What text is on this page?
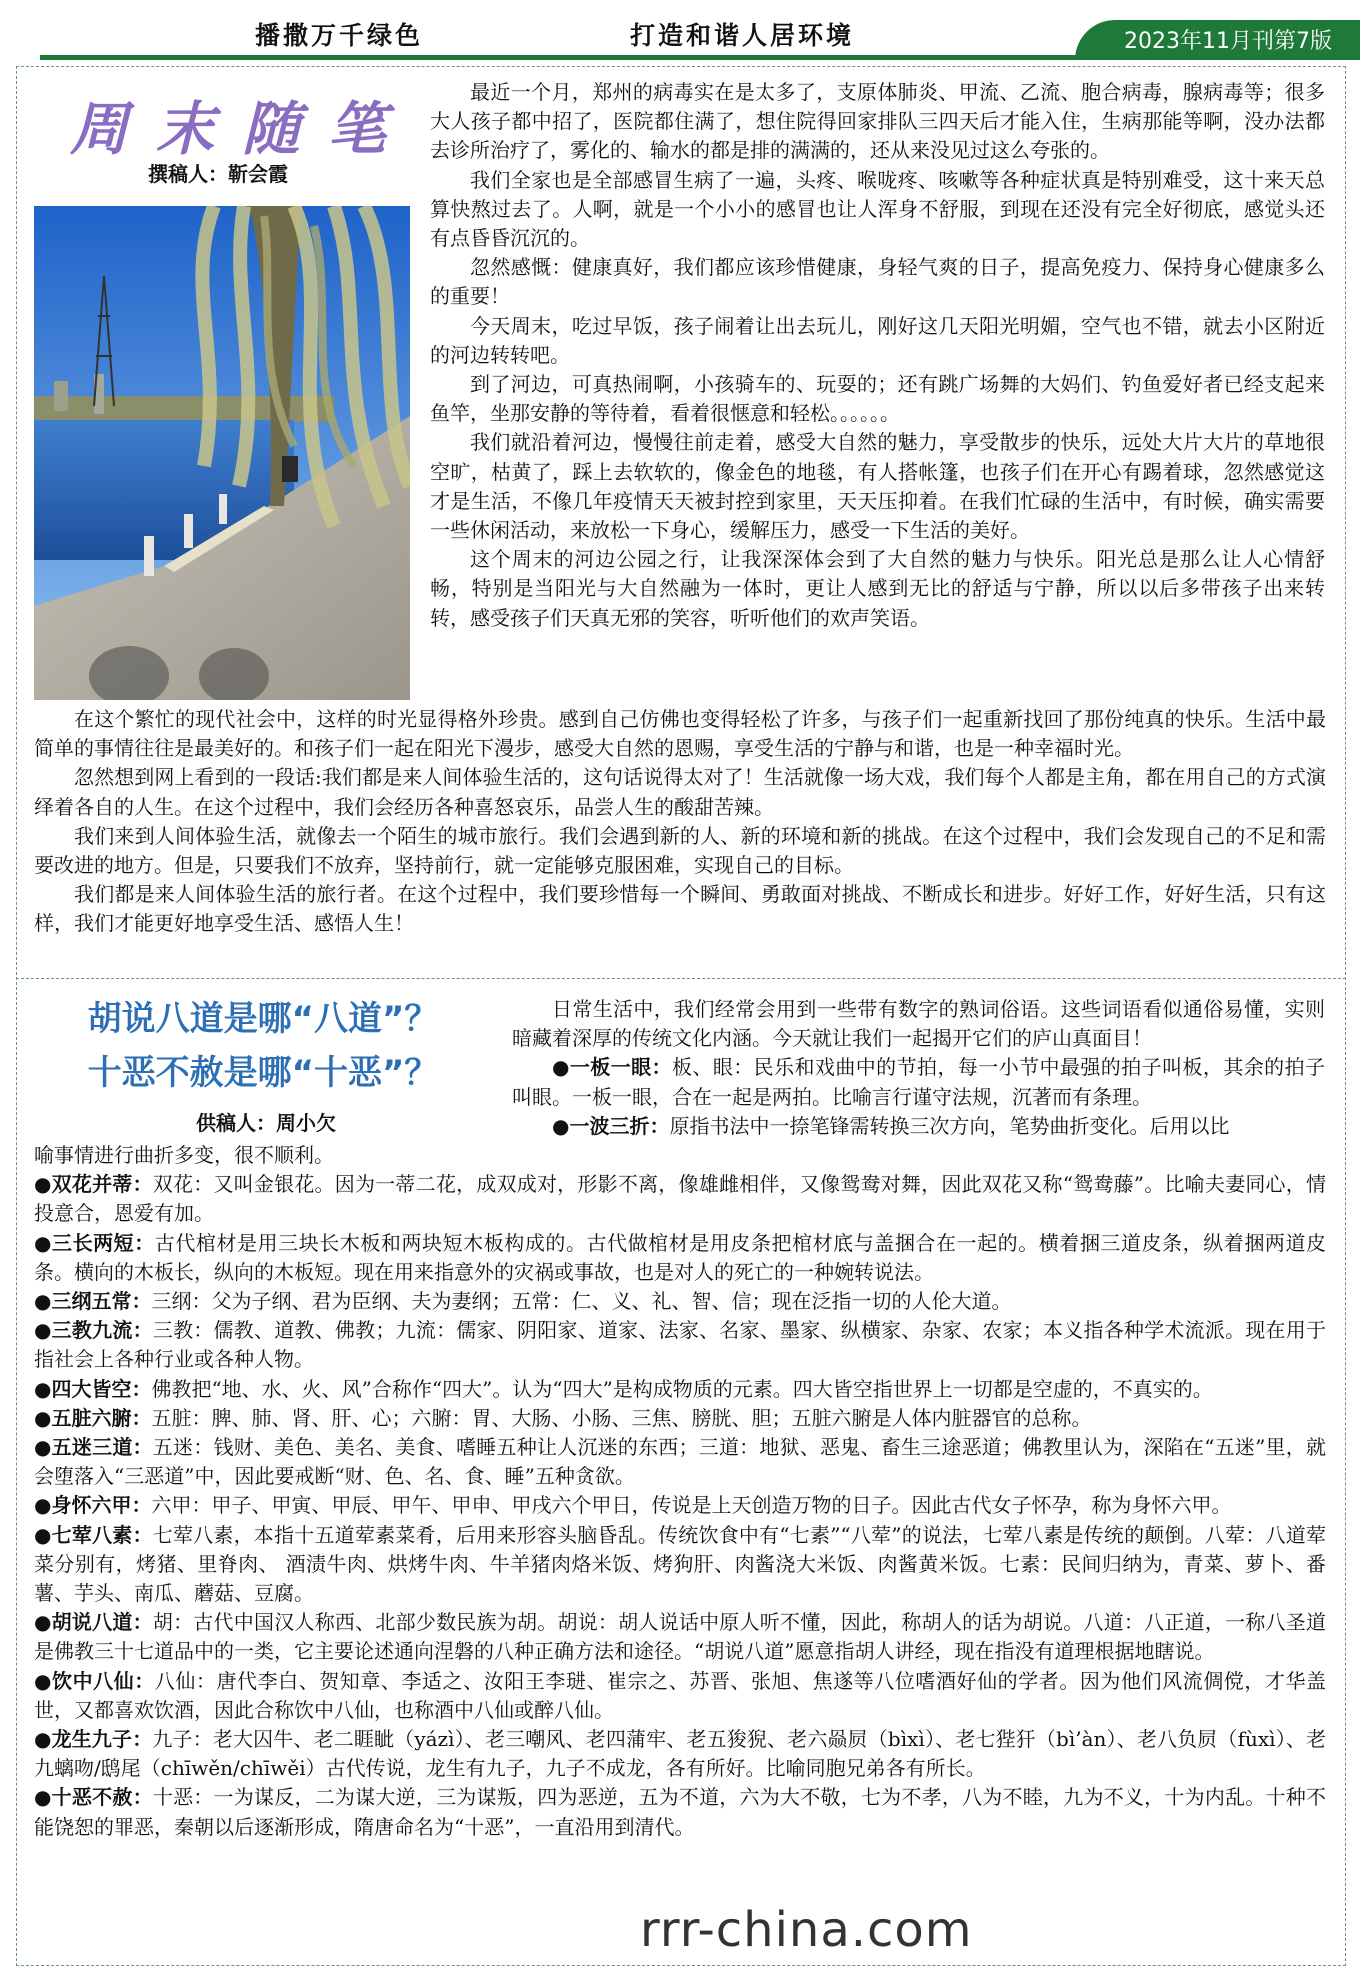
播撒万千绿色	打造和谐人居环境	2023年11月刊第7版
周末随笔
撰稿人：靳会霞

最近一个月，郑州的病毒实在是太多了，支原体肺炎、甲流、乙流、胞合病毒，腺病毒等；很多大人孩子都中招了，医院都住满了，想住院得回家排队三四天后才能入住，生病那能等啊，没办法都去诊所治疗了，雾化的、输水的都是排的满满的，还从来没见过这么夸张的。

我们全家也是全部感冒生病了一遍，头疼、喉咙疼、咳嗽等各种症状真是特别难受，这十来天总算快熬过去了。人啊，就是一个小小的感冒也让人浑身不舒服，到现在还没有完全好彻底，感觉头还有点昏昏沉沉的。

忽然感慨：健康真好，我们都应该珍惜健康，身轻气爽的日子，提高免疫力、保持身心健康多么的重要！

今天周末，吃过早饭，孩子闹着让出去玩儿，刚好这几天阳光明媚，空气也不错，就去小区附近的河边转转吧。

到了河边，可真热闹啊，小孩骑车的、玩耍的；还有跳广场舞的大妈们、钓鱼爱好者已经支起来鱼竿，坐那安静的等待着，看着很惬意和轻松。。。。。。

我们就沿着河边，慢慢往前走着，感受大自然的魅力，享受散步的快乐，远处大片大片的草地很空旷，枯黄了，踩上去软软的，像金色的地毯，有人搭帐篷，也孩子们在开心有踢着球，忽然感觉这才是生活，不像几年疫情天天被封控到家里，天天压抑着。在我们忙碌的生活中，有时候，确实需要一些休闲活动，来放松一下身心，缓解压力，感受一下生活的美好。

这个周末的河边公园之行，让我深深体会到了大自然的魅力与快乐。阳光总是那么让人心情舒畅，特别是当阳光与大自然融为一体时，更让人感到无比的舒适与宁静，所以以后多带孩子出来转转，感受孩子们天真无邪的笑容，听听他们的欢声笑语。

在这个繁忙的现代社会中，这样的时光显得格外珍贵。感到自己仿佛也变得轻松了许多，与孩子们一起重新找回了那份纯真的快乐。生活中最简单的事情往往是最美好的。和孩子们一起在阳光下漫步，感受大自然的恩赐，享受生活的宁静与和谐，也是一种幸福时光。

忽然想到网上看到的一段话:我们都是来人间体验生活的，这句话说得太对了！生活就像一场大戏，我们每个人都是主角，都在用自己的方式演绎着各自的人生。在这个过程中，我们会经历各种喜怒哀乐，品尝人生的酸甜苦辣。

我们来到人间体验生活，就像去一个陌生的城市旅行。我们会遇到新的人、新的环境和新的挑战。在这个过程中，我们会发现自己的不足和需要改进的地方。但是，只要我们不放弃，坚持前行，就一定能够克服困难，实现自己的目标。

我们都是来人间体验生活的旅行者。在这个过程中，我们要珍惜每一个瞬间、勇敢面对挑战、不断成长和进步。好好工作，好好生活，只有这样，我们才能更好地享受生活、感悟人生！

胡说八道是哪“八道”？
十恶不赦是哪“十恶”？
供稿人：周小欠

日常生活中，我们经常会用到一些带有数字的熟词俗语。这些词语看似通俗易懂，实则暗藏着深厚的传统文化内涵。今天就让我们一起揭开它们的庐山真面目！

●一板一眼：板、眼：民乐和戏曲中的节拍，每一小节中最强的拍子叫板，其余的拍子叫眼。一板一眼，合在一起是两拍。比喻言行谨守法规，沉著而有条理。

●一波三折：原指书法中一捺笔锋需转换三次方向，笔势曲折变化。后用以比

喻事情进行曲折多变，很不顺利。

●双花并蒂：双花：又叫金银花。因为一蒂二花，成双成对，形影不离，像雄雌相伴，又像鸳鸯对舞，因此双花又称“鸳鸯藤”。比喻夫妻同心，情投意合，恩爱有加。

●三长两短：古代棺材是用三块长木板和两块短木板构成的。古代做棺材是用皮条把棺材底与盖捆合在一起的。横着捆三道皮条，纵着捆两道皮条。横向的木板长，纵向的木板短。现在用来指意外的灾祸或事故，也是对人的死亡的一种婉转说法。

●三纲五常：三纲：父为子纲、君为臣纲、夫为妻纲；五常：仁、义、礼、智、信；现在泛指一切的人伦大道。

●三教九流：三教：儒教、道教、佛教；九流：儒家、阴阳家、道家、法家、名家、墨家、纵横家、杂家、农家；本义指各种学术流派。现在用于指社会上各种行业或各种人物。

●四大皆空：佛教把“地、水、火、风”合称作“四大”。认为“四大”是构成物质的元素。四大皆空指世界上一切都是空虚的，不真实的。

●五脏六腑：五脏：脾、肺、肾、肝、心；六腑：胃、大肠、小肠、三焦、膀胱、胆；五脏六腑是人体内脏器官的总称。

●五迷三道：五迷：钱财、美色、美名、美食、嗜睡五种让人沉迷的东西；三道：地狱、恶鬼、畜生三途恶道；佛教里认为，深陷在“五迷”里，就会堕落入“三恶道”中，因此要戒断“财、色、名、食、睡”五种贪欲。

●身怀六甲：六甲：甲子、甲寅、甲辰、甲午、甲申、甲戌六个甲日，传说是上天创造万物的日子。因此古代女子怀孕，称为身怀六甲。

●七荤八素：七荤八素，本指十五道荤素菜肴，后用来形容头脑昏乱。传统饮食中有“七素”“八荤”的说法，七荤八素是传统的颠倒。八荤：八道荤菜分别有，烤猪、里脊肉、 酒渍牛肉、烘烤牛肉、牛羊猪肉烙米饭、烤狗肝、肉酱浇大米饭、肉酱黄米饭。七素：民间归纳为，青菜、萝卜、番薯、芋头、南瓜、蘑菇、豆腐。

●胡说八道：胡：古代中国汉人称西、北部少数民族为胡。胡说：胡人说话中原人听不懂，因此，称胡人的话为胡说。八道：八正道，一称八圣道是佛教三十七道品中的一类，它主要论述通向涅磐的八种正确方法和途径。“胡说八道”愿意指胡人讲经，现在指没有道理根据地瞎说。

●饮中八仙：八仙：唐代李白、贺知章、李适之、汝阳王李琎、崔宗之、苏晋、张旭、焦遂等八位嗜酒好仙的学者。因为他们风流倜傥，才华盖世，又都喜欢饮酒，因此合称饮中八仙，也称酒中八仙或醉八仙。

●龙生九子：九子：老大囚牛、老二睚眦（yázì）、老三嘲风、老四蒲牢、老五狻猊、老六赑屃（bìxì）、老七狴犴（bì’àn）、老八负屃（fùxì）、老九螭吻/鸱尾（chīwěn/chīwěi）古代传说，龙生有九子，九子不成龙，各有所好。比喻同胞兄弟各有所长。

●十恶不赦：十恶：一为谋反，二为谋大逆，三为谋叛，四为恶逆，五为不道，六为大不敬，七为不孝，八为不睦，九为不义，十为内乱。十种不能饶恕的罪恶，秦朝以后逐渐形成，隋唐命名为“十恶”，一直沿用到清代。

rrr-china.com
